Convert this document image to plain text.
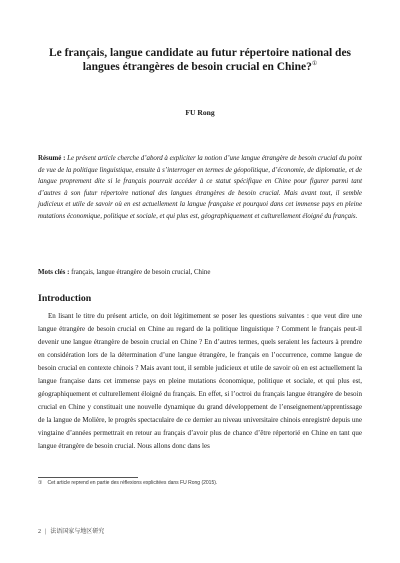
Le français, langue candidate au futur répertoire national des langues étrangères de besoin crucial en Chine?①
FU Rong
Résumé : Le présent article cherche d’abord à expliciter la notion d’une langue étrangère de besoin crucial du point de vue de la politique linguistique, ensuite à s’interroger en termes de géopolitique, d’économie, de diplomatie, et de langue proprement dite si le français pourrait accéder à ce statut spécifique en Chine pour figurer parmi tant d’autres à son futur répertoire national des langues étrangères de besoin crucial. Mais avant tout, il semble judicieux et utile de savoir où en est actuellement la langue française et pourquoi dans cet immense pays en pleine mutations économique, politique et sociale, et qui plus est, géographiquement et culturellement éloigné du français.
Mots clés : français, langue étrangère de besoin crucial, Chine
Introduction
En lisant le titre du présent article, on doit légitimement se poser les questions suivantes : que veut dire une langue étrangère de besoin crucial en Chine au regard de la politique linguistique ? Comment le français peut-il devenir une langue étrangère de besoin crucial en Chine ? En d’autres termes, quels seraient les facteurs à prendre en considération lors de la détermination d’une langue étrangère, le français en l’occurrence, comme langue de besoin crucial en contexte chinois ? Mais avant tout, il semble judicieux et utile de savoir où en est actuellement la langue française dans cet immense pays en pleine mutations économique, politique et sociale, et qui plus est, géographiquement et culturellement éloigné du français. En effet, si l’octroi du français langue étrangère de besoin crucial en Chine y constituait une nouvelle dynamique du grand développement de l’enseignement/apprentissage de la langue de Molière, le progrès spectaculaire de ce dernier au niveau universitaire chinois enregistré depuis une vingtaine d’années permettrait en retour au français d’avoir plus de chance d’être répertorié en Chine en tant que langue étrangère de besoin crucial. Nous allons donc dans les
① Cet article reprend en partie des réflexions explicitées dans FU Rong (2015).
2 | 法语国家与地区研究
